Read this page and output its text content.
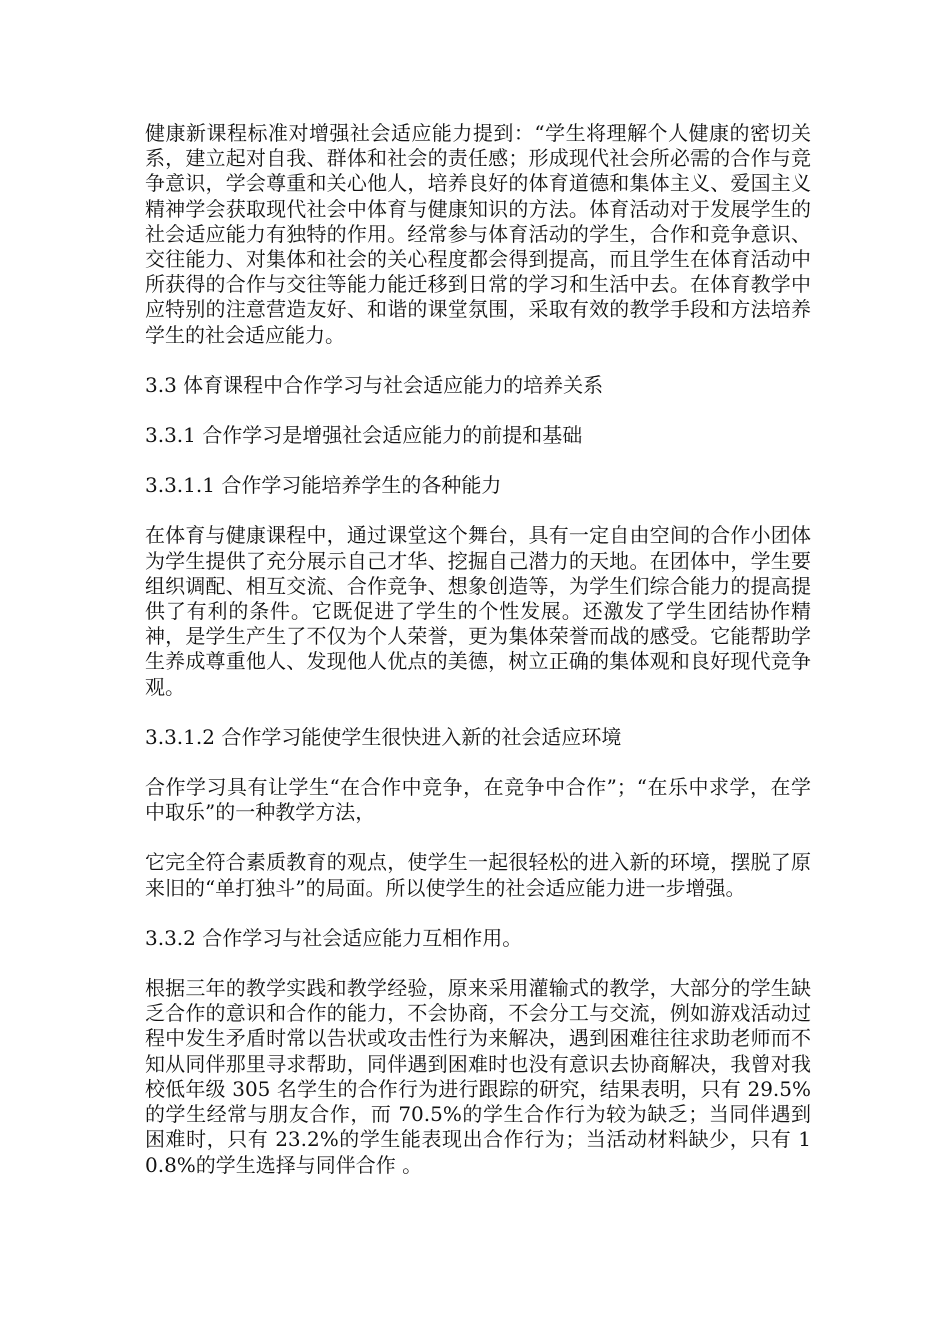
健康新课程标准对增强社会适应能力提到：“学生将理解个人健康的密切关系，建立起对自我、群体和社会的责任感；形成现代社会所必需的合作与竞争意识，学会尊重和关心他人，培养良好的体育道德和集体主义、爱国主义精神学会获取现代社会中体育与健康知识的方法。体育活动对于发展学生的社会适应能力有独特的作用。经常参与体育活动的学生，合作和竞争意识、交往能力、对集体和社会的关心程度都会得到提高，而且学生在体育活动中所获得的合作与交往等能力能迁移到日常的学习和生活中去。在体育教学中应特别的注意营造友好、和谐的课堂氛围，采取有效的教学手段和方法培养学生的社会适应能力。

3.3 体育课程中合作学习与社会适应能力的培养关系

3.3.1 合作学习是增强社会适应能力的前提和基础

3.3.1.1 合作学习能培养学生的各种能力

在体育与健康课程中，通过课堂这个舞台，具有一定自由空间的合作小团体为学生提供了充分展示自己才华、挖掘自己潜力的天地。在团体中，学生要组织调配、相互交流、合作竞争、想象创造等，为学生们综合能力的提高提供了有利的条件。它既促进了学生的个性发展。还激发了学生团结协作精神，是学生产生了不仅为个人荣誉，更为集体荣誉而战的感受。它能帮助学生养成尊重他人、发现他人优点的美德，树立正确的集体观和良好现代竞争观。

3.3.1.2 合作学习能使学生很快进入新的社会适应环境

合作学习具有让学生“在合作中竞争，在竞争中合作”；“在乐中求学，在学中取乐”的一种教学方法，

它完全符合素质教育的观点，使学生一起很轻松的进入新的环境，摆脱了原来旧的“单打独斗”的局面。所以使学生的社会适应能力进一步增强。

3.3.2 合作学习与社会适应能力互相作用。

根据三年的教学实践和教学经验，原来采用灌输式的教学，大部分的学生缺乏合作的意识和合作的能力，不会协商，不会分工与交流，例如游戏活动过程中发生矛盾时常以告状或攻击性行为来解决，遇到困难往往求助老师而不知从同伴那里寻求帮助，同伴遇到困难时也没有意识去协商解决，我曾对我校低年级 305 名学生的合作行为进行跟踪的研究，结果表明，只有 29.5%的学生经常与朋友合作，而 70.5%的学生合作行为较为缺乏；当同伴遇到困难时，只有 23.2%的学生能表现出合作行为；当活动材料缺少，只有 10.8%的学生选择与同伴合作 。
